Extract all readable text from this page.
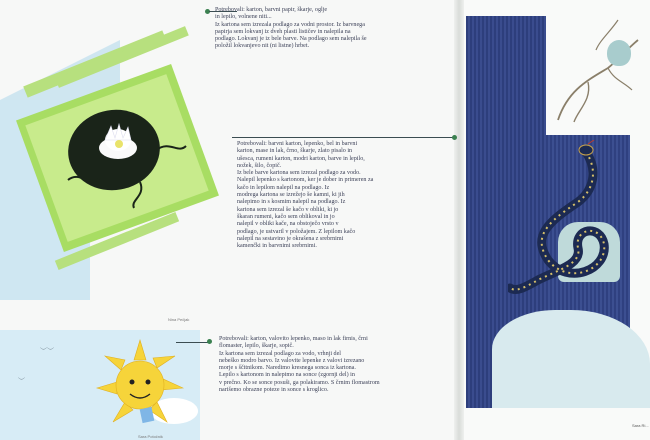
Nina Pečjak

Potrebovali: karton, barvni papir, škarje, oglje

in lepilo, volnene niti...

Iz kartona sem izrezala podlago za vodni prostor. Iz barvnega

papirja sem lokvanj iz dveh plasti lističev in nalepila na

podlago. Lokvanj je iz bele barve. Na podlago sem nalepila še

položil lokvanjevo nit (ni listne) hrbet.

Potrebovali: barvni karton, lepenko, bel in barvni

karton, mase in lak, črno, škarje, zlato pisalo in

ušesca, rumeni karton, modri karton, barve in lepilo,

nožek, šilo, čopič.

Iz bele barve kartona sem izrezal podlago za vodo.

Nalepil lepenko s kartonom, ker je dober in primeren za

kačo in lepilom nalepil na podlago. Iz

modrega kartona se izrežejo še kamni, ki jih

nalepimo in s kosmim nalepil na podlago. Iz

kartona sem izrezal še kačo v obliki, ki jo

škaran rumeni, kačo sem oblikoval in jo

nalepil v obliki kače, na obstoječo vrsto v

podlago, je ustvaril v položajem. Z lepilom kačo

nalepil na sestavino je okrašena z srebrnimi

kamenčki in barvnimi srebrnimi.

︶︶
︶
Sara Potočnik

Potrebovali: karton, valovito lepenko, maso in lak firnis, črni

flomaster, lepilo, škarje, sopič.

Iz kartona sem izrezal podlago za vodo, vrhnji del

nebeško modro barvo. Iz valovite lepenke z valovi izrezano

morje s ščitnikom. Naredimo kresnega sonca iz kartona.

Lepilo s kartonom in nalepimo na sonce (zgornji del) in

v prečno. Ko se sonce posuši, ga polakiramo. S črnim flomastrom

narišemo obrazne poteze in sonce s kroglico.

Sara Ri...
